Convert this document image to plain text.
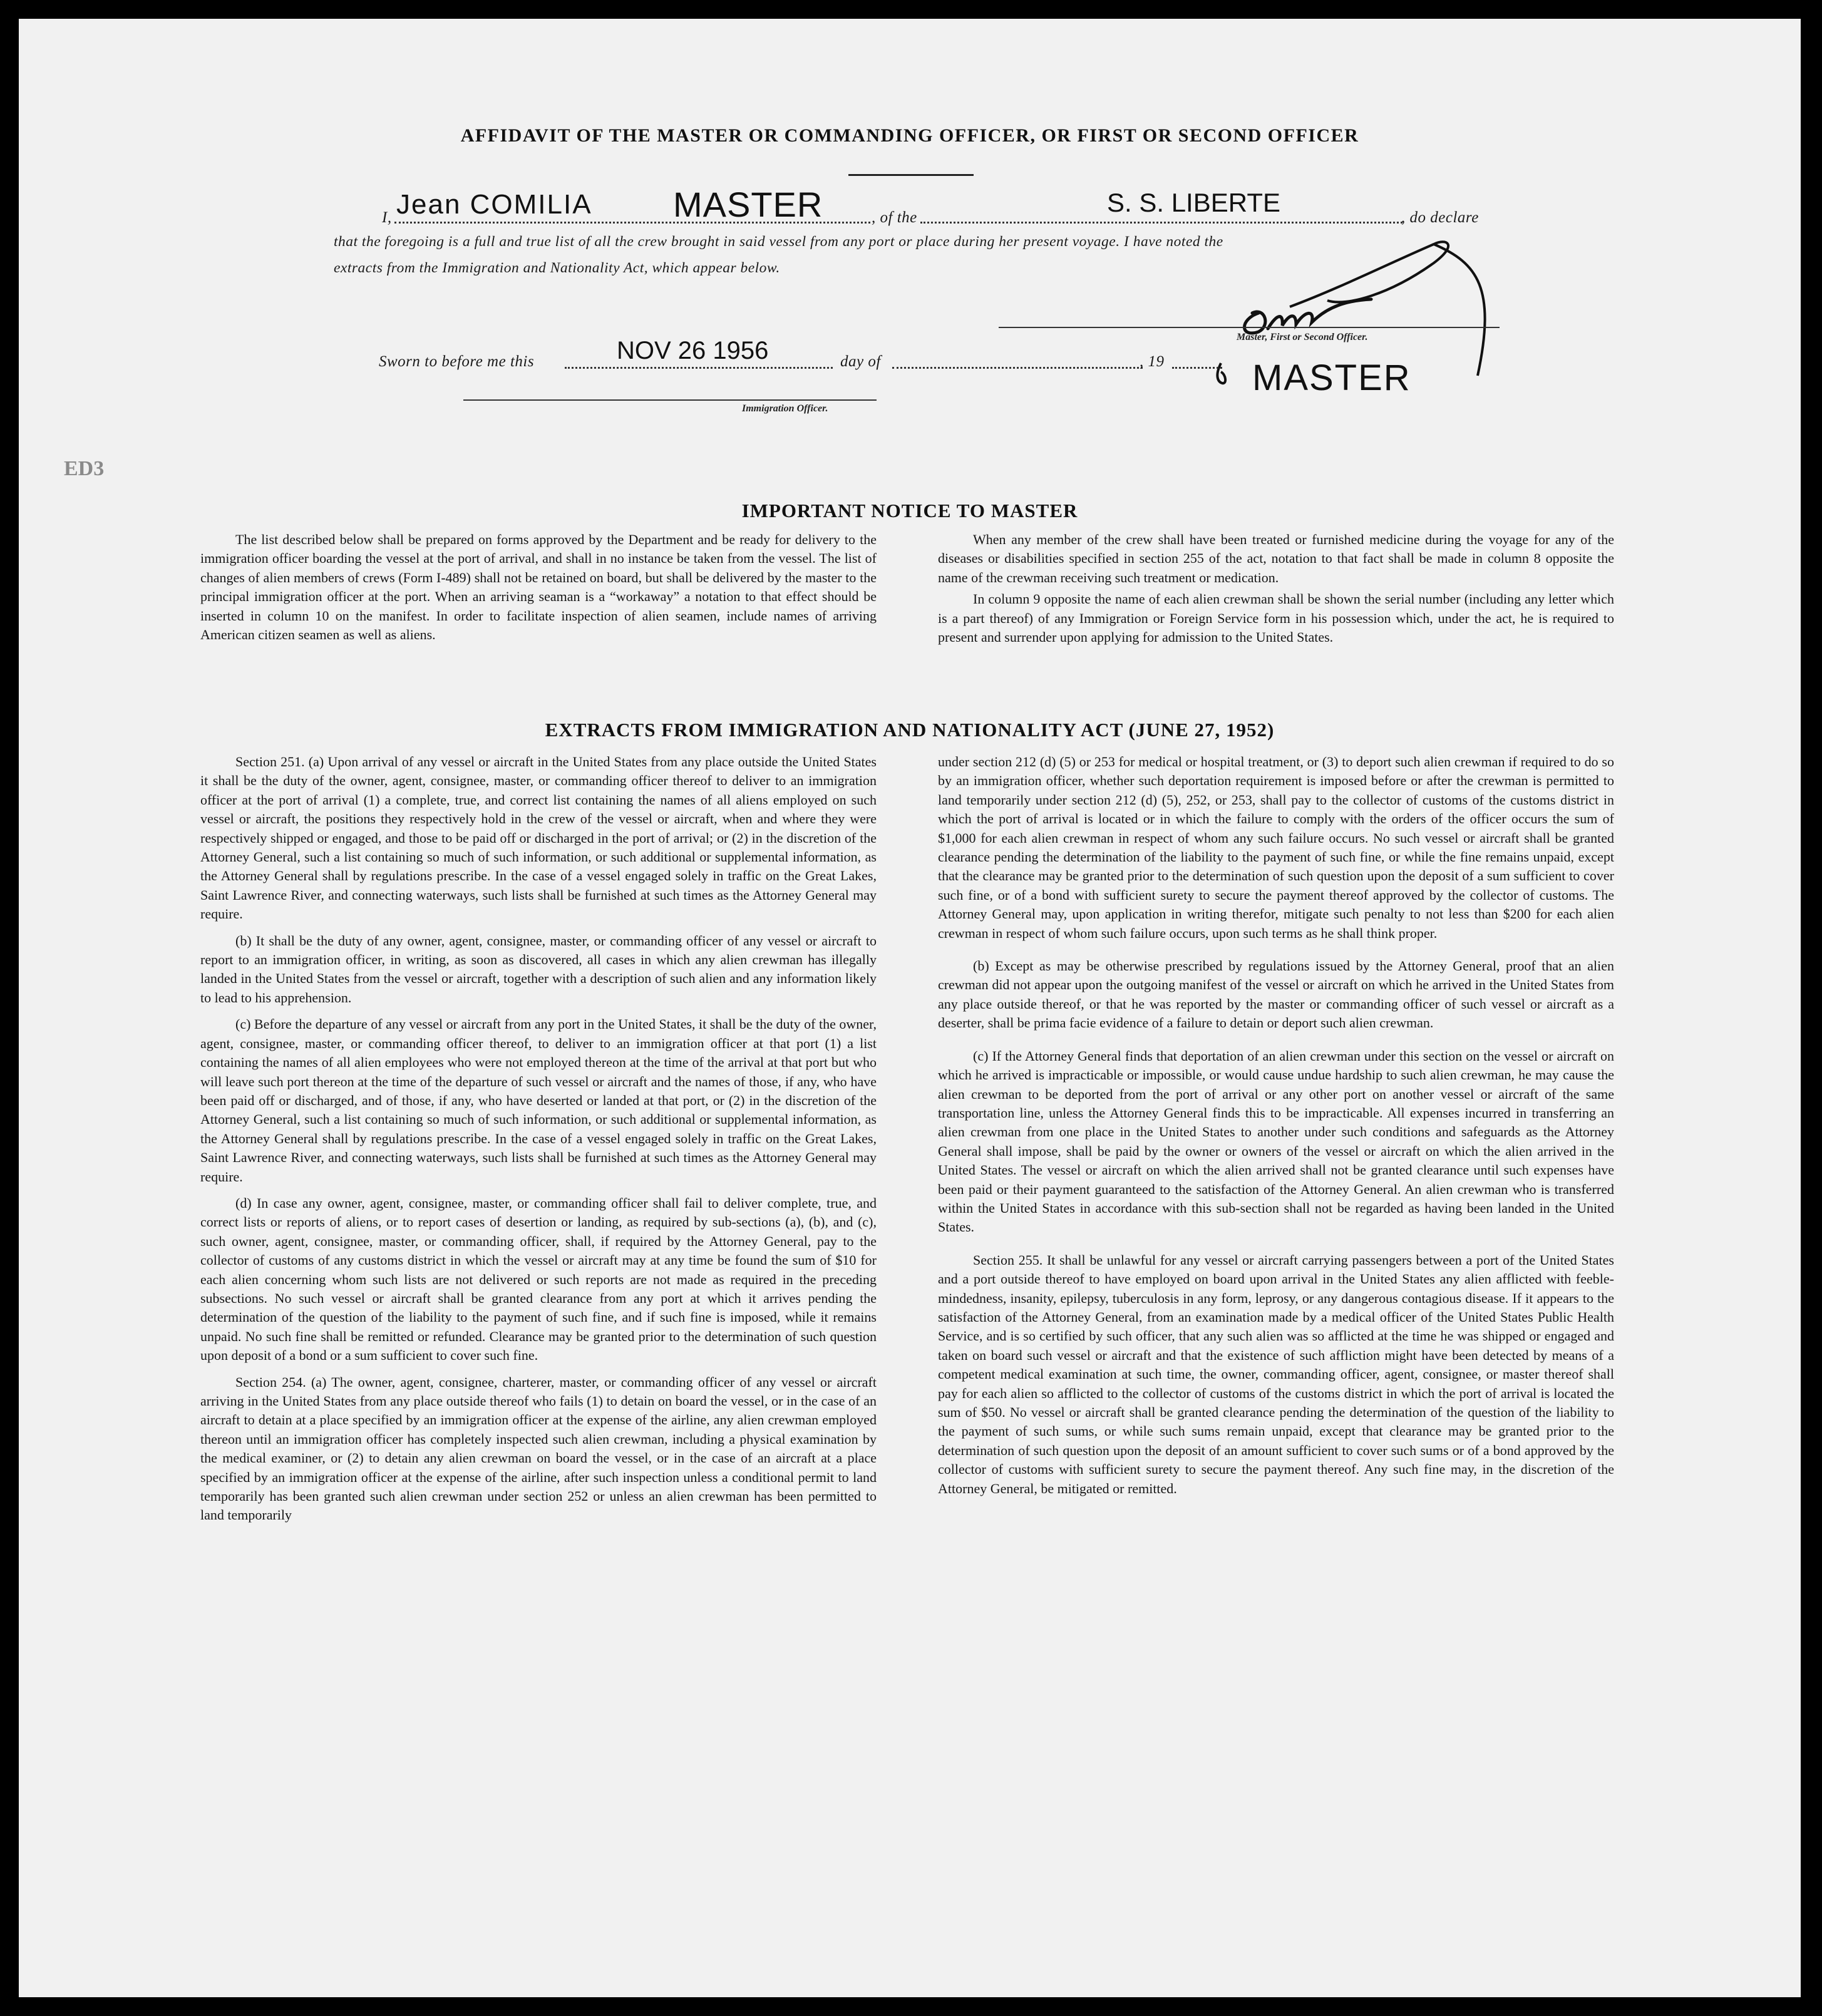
ED3
AFFIDAVIT OF THE MASTER OR COMMANDING OFFICER, OR FIRST OR SECOND OFFICER
I, Jean COMILIA MASTER	, of the
S. S. LIBERTE
, do declare
that the foregoing is a full and true list of all the crew brought in said vessel from any port or place during her present voyage. I have noted the
extracts from the Immigration and Nationality Act, which appear below.
Master, First or Second Officer.
MASTER
Sworn to before me this	NOV 26 1956	day of	, 19
Immigration Officer.
IMPORTANT NOTICE TO MASTER

The list described below shall be prepared on forms approved by the Department and be ready for delivery to the immigration officer boarding the vessel at the port of arrival, and shall in no instance be taken from the vessel. The list of changes of alien members of crews (Form I-489) shall not be retained on board, but shall be delivered by the master to the principal immigration officer at the port. When an arriving seaman is a “workaway” a notation to that effect should be inserted in column 10 on the manifest. In order to facilitate inspection of alien seamen, include names of arriving American citizen seamen as well as aliens.

When any member of the crew shall have been treated or furnished medicine during the voyage for any of the diseases or disabilities specified in section 255 of the act, notation to that fact shall be made in column 8 opposite the name of the crewman receiving such treatment or medication.

In column 9 opposite the name of each alien crewman shall be shown the serial number (including any letter which is a part thereof) of any Immigration or Foreign Service form in his possession which, under the act, he is required to present and surrender upon applying for admission to the United States.

EXTRACTS FROM IMMIGRATION AND NATIONALITY ACT (JUNE 27, 1952)

Section 251. (a) Upon arrival of any vessel or aircraft in the United States from any place outside the United States it shall be the duty of the owner, agent, consignee, master, or commanding officer thereof to deliver to an immigration officer at the port of arrival (1) a complete, true, and correct list containing the names of all aliens employed on such vessel or aircraft, the positions they respectively hold in the crew of the vessel or aircraft, when and where they were respectively shipped or engaged, and those to be paid off or discharged in the port of arrival; or (2) in the discretion of the Attorney General, such a list containing so much of such information, or such additional or supplemental information, as the Attorney General shall by regulations prescribe. In the case of a vessel engaged solely in traffic on the Great Lakes, Saint Lawrence River, and connecting waterways, such lists shall be furnished at such times as the Attorney General may require.

(b) It shall be the duty of any owner, agent, consignee, master, or commanding officer of any vessel or aircraft to report to an immigration officer, in writing, as soon as discovered, all cases in which any alien crewman has illegally landed in the United States from the vessel or aircraft, together with a description of such alien and any information likely to lead to his apprehension.

(c) Before the departure of any vessel or aircraft from any port in the United States, it shall be the duty of the owner, agent, consignee, master, or commanding officer thereof, to deliver to an immigration officer at that port (1) a list containing the names of all alien employees who were not employed thereon at the time of the arrival at that port but who will leave such port thereon at the time of the departure of such vessel or aircraft and the names of those, if any, who have been paid off or discharged, and of those, if any, who have deserted or landed at that port, or (2) in the discretion of the Attorney General, such a list containing so much of such information, or such additional or supplemental information, as the Attorney General shall by regulations prescribe. In the case of a vessel engaged solely in traffic on the Great Lakes, Saint Lawrence River, and connecting waterways, such lists shall be furnished at such times as the Attorney General may require.

(d) In case any owner, agent, consignee, master, or commanding officer shall fail to deliver complete, true, and correct lists or reports of aliens, or to report cases of desertion or landing, as required by sub-sections (a), (b), and (c), such owner, agent, consignee, master, or commanding officer, shall, if required by the Attorney General, pay to the collector of customs of any customs district in which the vessel or aircraft may at any time be found the sum of $10 for each alien concerning whom such lists are not delivered or such reports are not made as required in the preceding subsections. No such vessel or aircraft shall be granted clearance from any port at which it arrives pending the determination of the question of the liability to the payment of such fine, and if such fine is imposed, while it remains unpaid. No such fine shall be remitted or refunded. Clearance may be granted prior to the determination of such question upon deposit of a bond or a sum sufficient to cover such fine.

Section 254. (a) The owner, agent, consignee, charterer, master, or commanding officer of any vessel or aircraft arriving in the United States from any place outside thereof who fails (1) to detain on board the vessel, or in the case of an aircraft to detain at a place specified by an immigration officer at the expense of the airline, any alien crewman employed thereon until an immigration officer has completely inspected such alien crewman, including a physical examination by the medical examiner, or (2) to detain any alien crewman on board the vessel, or in the case of an aircraft at a place specified by an immigration officer at the expense of the airline, after such inspection unless a conditional permit to land temporarily has been granted such alien crewman under section 252 or unless an alien crewman has been permitted to land temporarily

under section 212 (d) (5) or 253 for medical or hospital treatment, or (3) to deport such alien crewman if required to do so by an immigration officer, whether such deportation requirement is imposed before or after the crewman is permitted to land temporarily under section 212 (d) (5), 252, or 253, shall pay to the collector of customs of the customs district in which the port of arrival is located or in which the failure to comply with the orders of the officer occurs the sum of $1,000 for each alien crewman in respect of whom any such failure occurs. No such vessel or aircraft shall be granted clearance pending the determination of the liability to the payment of such fine, or while the fine remains unpaid, except that the clearance may be granted prior to the determination of such question upon the deposit of a sum sufficient to cover such fine, or of a bond with sufficient surety to secure the payment thereof approved by the collector of customs. The Attorney General may, upon application in writing therefor, mitigate such penalty to not less than $200 for each alien crewman in respect of whom such failure occurs, upon such terms as he shall think proper.

(b) Except as may be otherwise prescribed by regulations issued by the Attorney General, proof that an alien crewman did not appear upon the outgoing manifest of the vessel or aircraft on which he arrived in the United States from any place outside thereof, or that he was reported by the master or commanding officer of such vessel or aircraft as a deserter, shall be prima facie evidence of a failure to detain or deport such alien crewman.

(c) If the Attorney General finds that deportation of an alien crewman under this section on the vessel or aircraft on which he arrived is impracticable or impossible, or would cause undue hardship to such alien crewman, he may cause the alien crewman to be deported from the port of arrival or any other port on another vessel or aircraft of the same transportation line, unless the Attorney General finds this to be impracticable. All expenses incurred in transferring an alien crewman from one place in the United States to another under such conditions and safeguards as the Attorney General shall impose, shall be paid by the owner or owners of the vessel or aircraft on which the alien arrived in the United States. The vessel or aircraft on which the alien arrived shall not be granted clearance until such expenses have been paid or their payment guaranteed to the satisfaction of the Attorney General. An alien crewman who is transferred within the United States in accordance with this sub-section shall not be regarded as having been landed in the United States.

Section 255. It shall be unlawful for any vessel or aircraft carrying passengers between a port of the United States and a port outside thereof to have employed on board upon arrival in the United States any alien afflicted with feeble-mindedness, insanity, epilepsy, tuberculosis in any form, leprosy, or any dangerous contagious disease. If it appears to the satisfaction of the Attorney General, from an examination made by a medical officer of the United States Public Health Service, and is so certified by such officer, that any such alien was so afflicted at the time he was shipped or engaged and taken on board such vessel or aircraft and that the existence of such affliction might have been detected by means of a competent medical examination at such time, the owner, commanding officer, agent, consignee, or master thereof shall pay for each alien so afflicted to the collector of customs of the customs district in which the port of arrival is located the sum of $50. No vessel or aircraft shall be granted clearance pending the determination of the question of the liability to the payment of such sums, or while such sums remain unpaid, except that clearance may be granted prior to the determination of such question upon the deposit of an amount sufficient to cover such sums or of a bond approved by the collector of customs with sufficient surety to secure the payment thereof. Any such fine may, in the discretion of the Attorney General, be mitigated or remitted.
